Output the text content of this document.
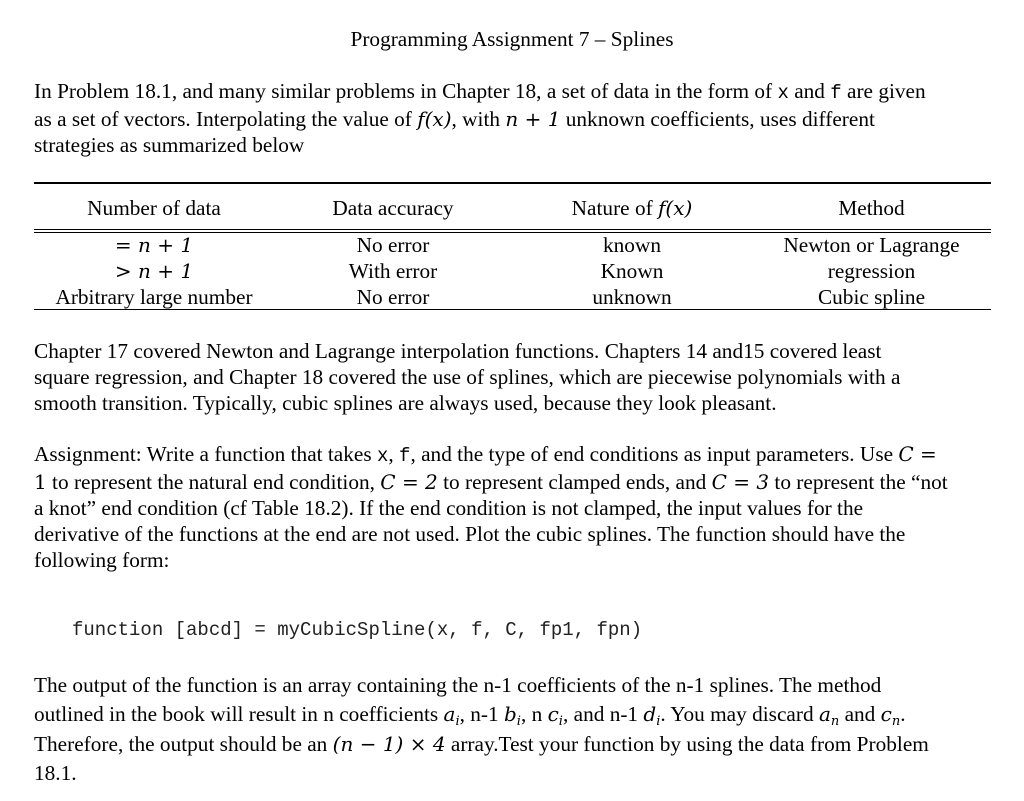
Programming Assignment 7 – Splines
In Problem 18.1, and many similar problems in Chapter 18, a set of data in the form of x and f are given
as a set of vectors. Interpolating the value of f(x), with n + 1 unknown coefficients, uses different
strategies as summarized below
Number of data	Data accuracy	Nature of f(x)	Method
= n + 1	No error	known	Newton or Lagrange
> n + 1	With error	Known	regression
Arbitrary large number	No error	unknown	Cubic spline
Chapter 17 covered Newton and Lagrange interpolation functions. Chapters 14 and15 covered least
square regression, and Chapter 18 covered the use of splines, which are piecewise polynomials with a
smooth transition. Typically, cubic splines are always used, because they look pleasant.
Assignment: Write a function that takes x, f, and the type of end conditions as input parameters. Use C =
1 to represent the natural end condition, C = 2 to represent clamped ends, and C = 3 to represent the “not
a knot” end condition (cf Table 18.2). If the end condition is not clamped, the input values for the
derivative of the functions at the end are not used. Plot the cubic splines. The function should have the
following form:
function [abcd] = myCubicSpline(x, f, C, fp1, fpn)
The output of the function is an array containing the n-1 coefficients of the n-1 splines. The method
outlined in the book will result in n coefficients $a_i$, n-1 $b_i$, n $c_i$, and n-1 $d_i$. You may discard $a_n$ and $c_n$.
Therefore, the output should be an (n − 1) × 4 array.Test your function by using the data from Problem
18.1.
